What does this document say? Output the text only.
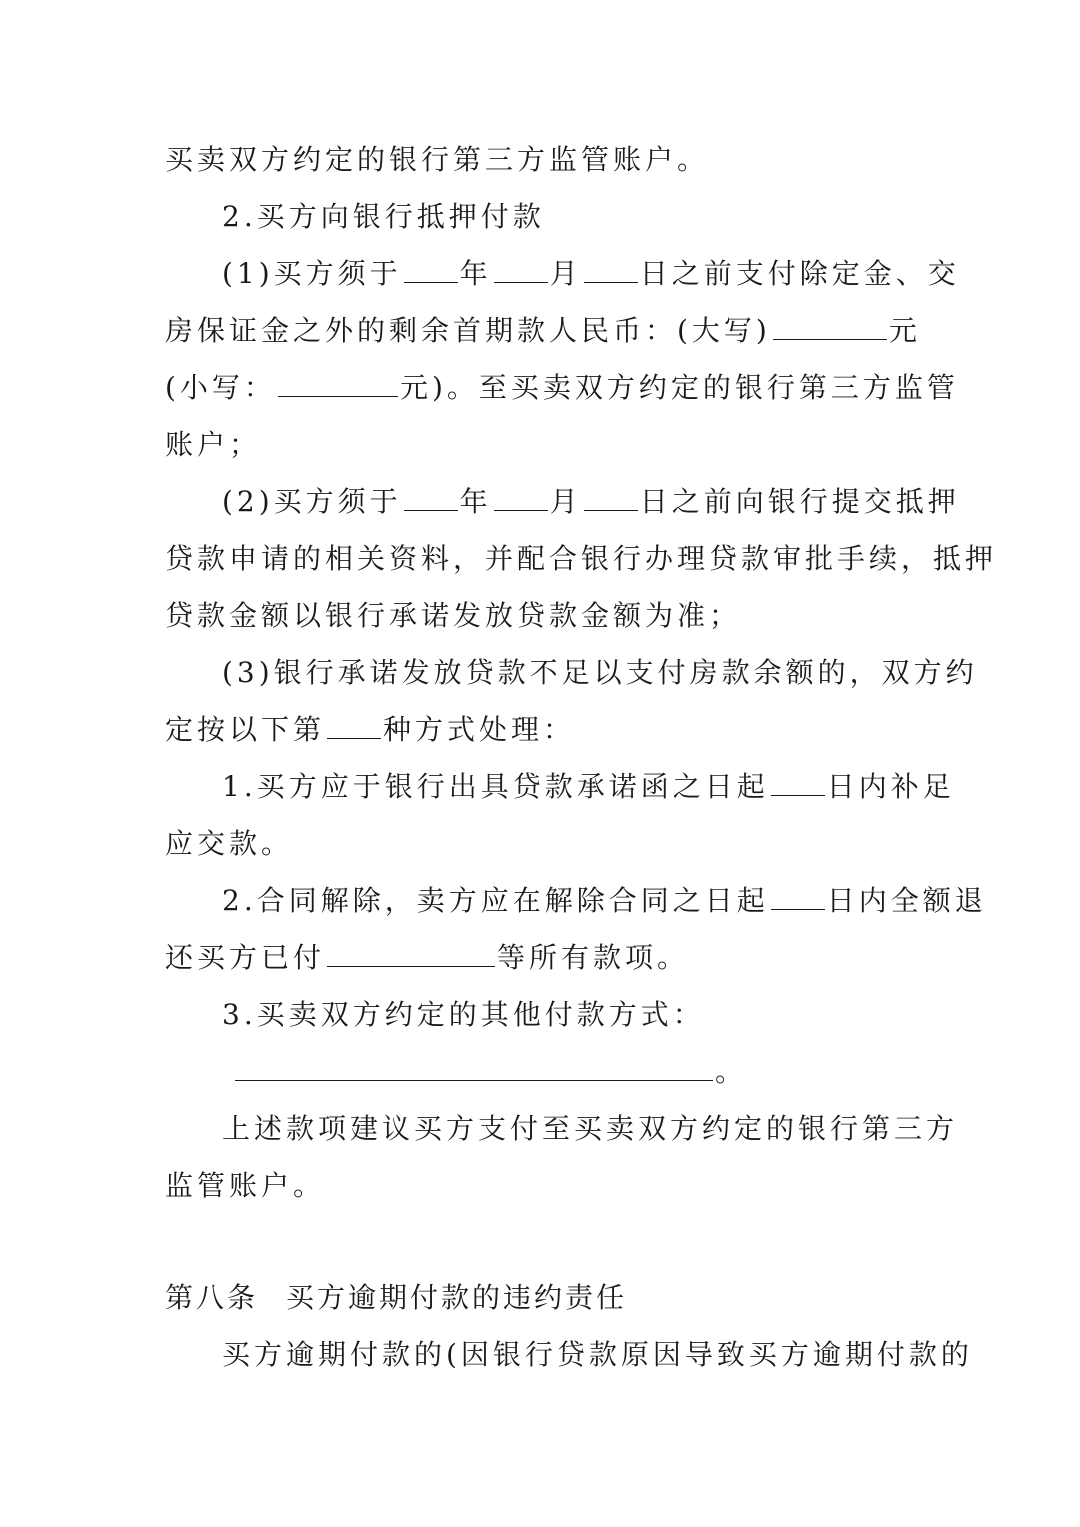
买卖双方约定的银行第三方监管账户。
2.买方向银行抵押付款
(1)买方须于 年 月 日之前支付除定金、交
房保证金之外的剩余首期款人民币：(大写)	元
(小写：	元)。至买卖双方约定的银行第三方监管
账户；
(2)买方须于 年 月 日之前向银行提交抵押
贷款申请的相关资料，并配合银行办理贷款审批手续，抵押
贷款金额以银行承诺发放贷款金额为准；
(3)银行承诺发放贷款不足以支付房款余额的，双方约
定按以下第 种方式处理：
1.买方应于银行出具贷款承诺函之日起 日内补足
应交款。
2.合同解除，卖方应在解除合同之日起 日内全额退
还买方已付	等所有款项。
3.买卖双方约定的其他付款方式：
。
上述款项建议买方支付至买卖双方约定的银行第三方
监管账户。
第八条 买方逾期付款的违约责任
买方逾期付款的(因银行贷款原因导致买方逾期付款的
